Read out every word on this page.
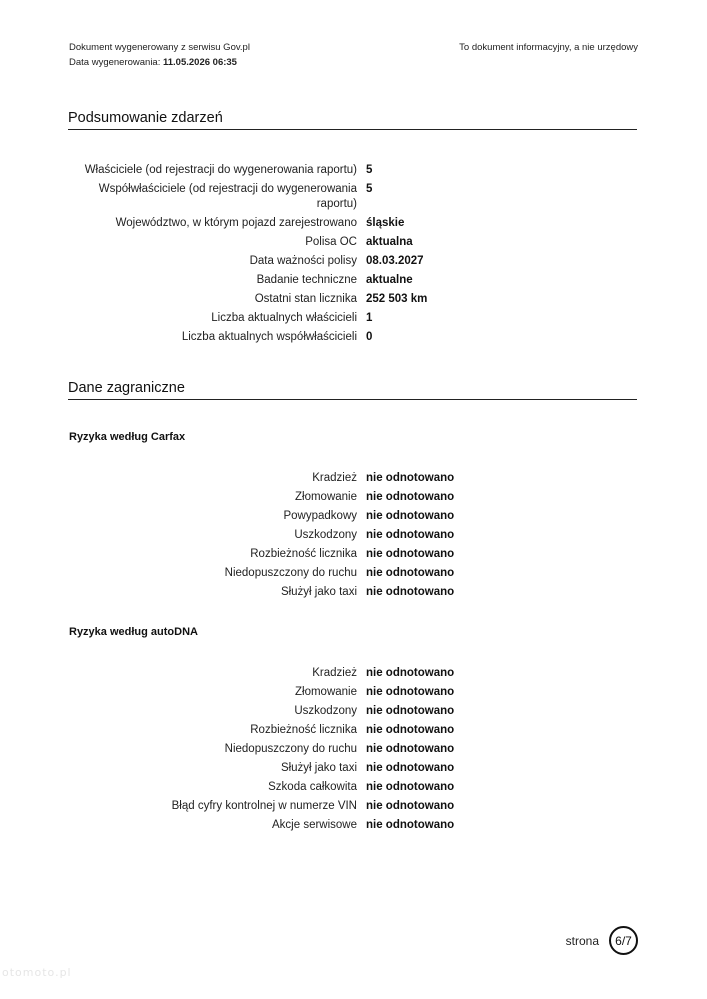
Dokument wygenerowany z serwisu Gov.pl
Data wygenerowania: 11.05.2026 06:35
To dokument informacyjny, a nie urzędowy
Podsumowanie zdarzeń
Właściciele (od rejestracji do wygenerowania raportu) 5
Współwłaściciele (od rejestracji do wygenerowania raportu)
5
Województwo, w którym pojazd zarejestrowano śląskie
Polisa OC aktualna
Data ważności polisy 08.03.2027
Badanie techniczne aktualne
Ostatni stan licznika 252 503 km
Liczba aktualnych właścicieli 1
Liczba aktualnych współwłaścicieli 0
Dane zagraniczne
Ryzyka według Carfax
Kradzież nie odnotowano
Złomowanie nie odnotowano
Powypadkowy nie odnotowano
Uszkodzony nie odnotowano
Rozbieżność licznika nie odnotowano
Niedopuszczony do ruchu nie odnotowano
Służył jako taxi nie odnotowano
Ryzyka według autoDNA
Kradzież nie odnotowano
Złomowanie nie odnotowano
Uszkodzony nie odnotowano
Rozbieżność licznika nie odnotowano
Niedopuszczony do ruchu nie odnotowano
Służył jako taxi nie odnotowano
Szkoda całkowita nie odnotowano
Błąd cyfry kontrolnej w numerze VIN nie odnotowano
Akcje serwisowe nie odnotowano
strona 6/7
otomoto.pl
